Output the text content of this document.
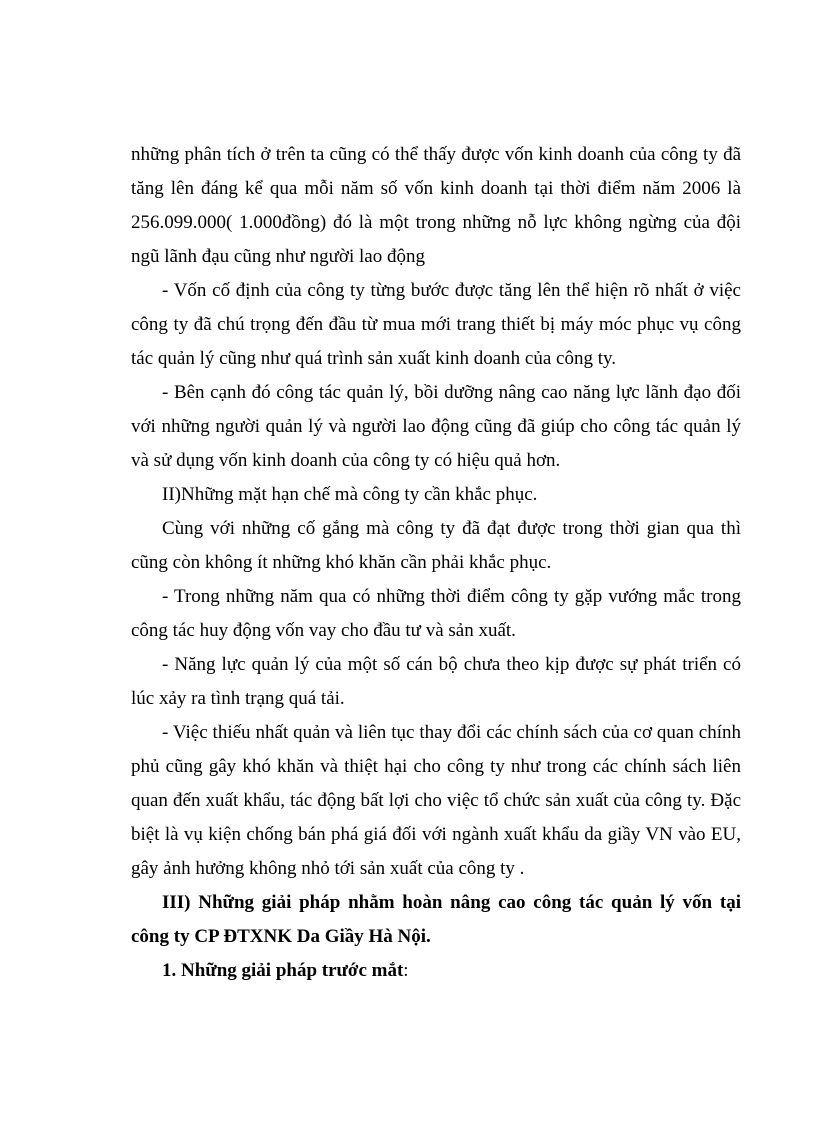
những phân tích ở trên ta cũng có thể thấy được vốn kinh doanh của công ty đã tăng lên đáng kể qua mỗi năm số vốn kinh doanh tại thời điểm năm 2006 là 256.099.000( 1.000đồng) đó là một trong những nỗ lực không ngừng của đội ngũ lãnh đạu cũng như người lao động

- Vốn cố định của công ty từng bước được tăng lên thể hiện rõ nhất ở việc công ty đã chú trọng đến đầu từ mua mới trang thiết bị máy móc phục vụ công tác quản lý cũng như quá trình sản xuất kinh doanh của công ty.

- Bên cạnh đó công tác quản lý, bồi dưỡng nâng cao năng lực lãnh đạo đối với những người quản lý và người lao động cũng đã giúp cho công tác quản lý và sử dụng vốn kinh doanh của công ty có hiệu quả hơn.

II)Những mặt hạn chế mà công ty cần khắc phục.

Cùng với những cố gắng mà công ty đã đạt được trong thời gian qua thì cũng còn không ít những khó khăn cần phải khắc phục.

- Trong những năm qua có những thời điểm công ty gặp vướng mắc trong công tác huy động vốn vay cho đầu tư và sản xuất.

- Năng lực quản lý của một số cán bộ chưa theo kịp được sự phát triển có lúc xảy ra tình trạng quá tải.

- Việc thiếu nhất quản và liên tục thay đổi các chính sách của cơ quan chính phủ cũng gây khó khăn và thiệt hại cho công ty như trong các chính sách liên quan đến xuất khẩu, tác động bất lợi cho việc tổ chức sản xuất của công ty. Đặc biệt là vụ kiện chống bán phá giá đối với ngành xuất khẩu da giầy VN vào EU, gây ảnh hưởng không nhỏ tới sản xuất của công ty .

III) Những giải pháp nhằm hoàn nâng cao công tác quản lý vốn tại công ty CP ĐTXNK Da Giầy Hà Nội.

1. Những giải pháp trước mắt:
